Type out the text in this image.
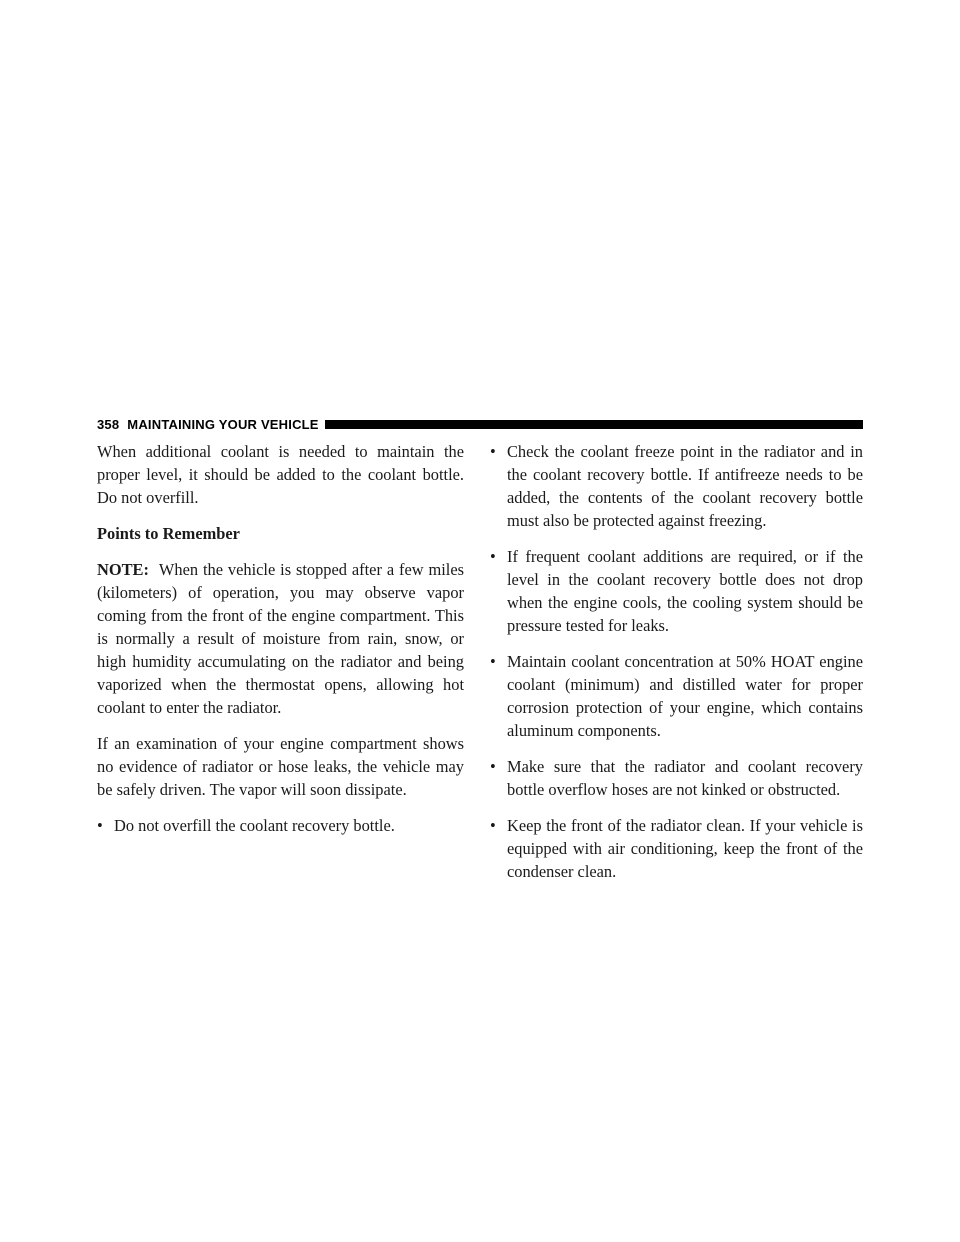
358 MAINTAINING YOUR VEHICLE

When additional coolant is needed to maintain the proper level, it should be added to the coolant bottle. Do not overfill.

Points to Remember

NOTE: When the vehicle is stopped after a few miles (kilometers) of operation, you may observe vapor coming from the front of the engine compartment. This is normally a result of moisture from rain, snow, or high humidity accumulating on the radiator and being vaporized when the thermostat opens, allowing hot coolant to enter the radiator.

If an examination of your engine compartment shows no evidence of radiator or hose leaks, the vehicle may be safely driven. The vapor will soon dissipate.

• Do not overfill the coolant recovery bottle.
• Check the coolant freeze point in the radiator and in the coolant recovery bottle. If antifreeze needs to be added, the contents of the coolant recovery bottle must also be protected against freezing.
• If frequent coolant additions are required, or if the level in the coolant recovery bottle does not drop when the engine cools, the cooling system should be pressure tested for leaks.
• Maintain coolant concentration at 50% HOAT engine coolant (minimum) and distilled water for proper corrosion protection of your engine, which contains aluminum components.
• Make sure that the radiator and coolant recovery bottle overflow hoses are not kinked or obstructed.
• Keep the front of the radiator clean. If your vehicle is equipped with air conditioning, keep the front of the condenser clean.
